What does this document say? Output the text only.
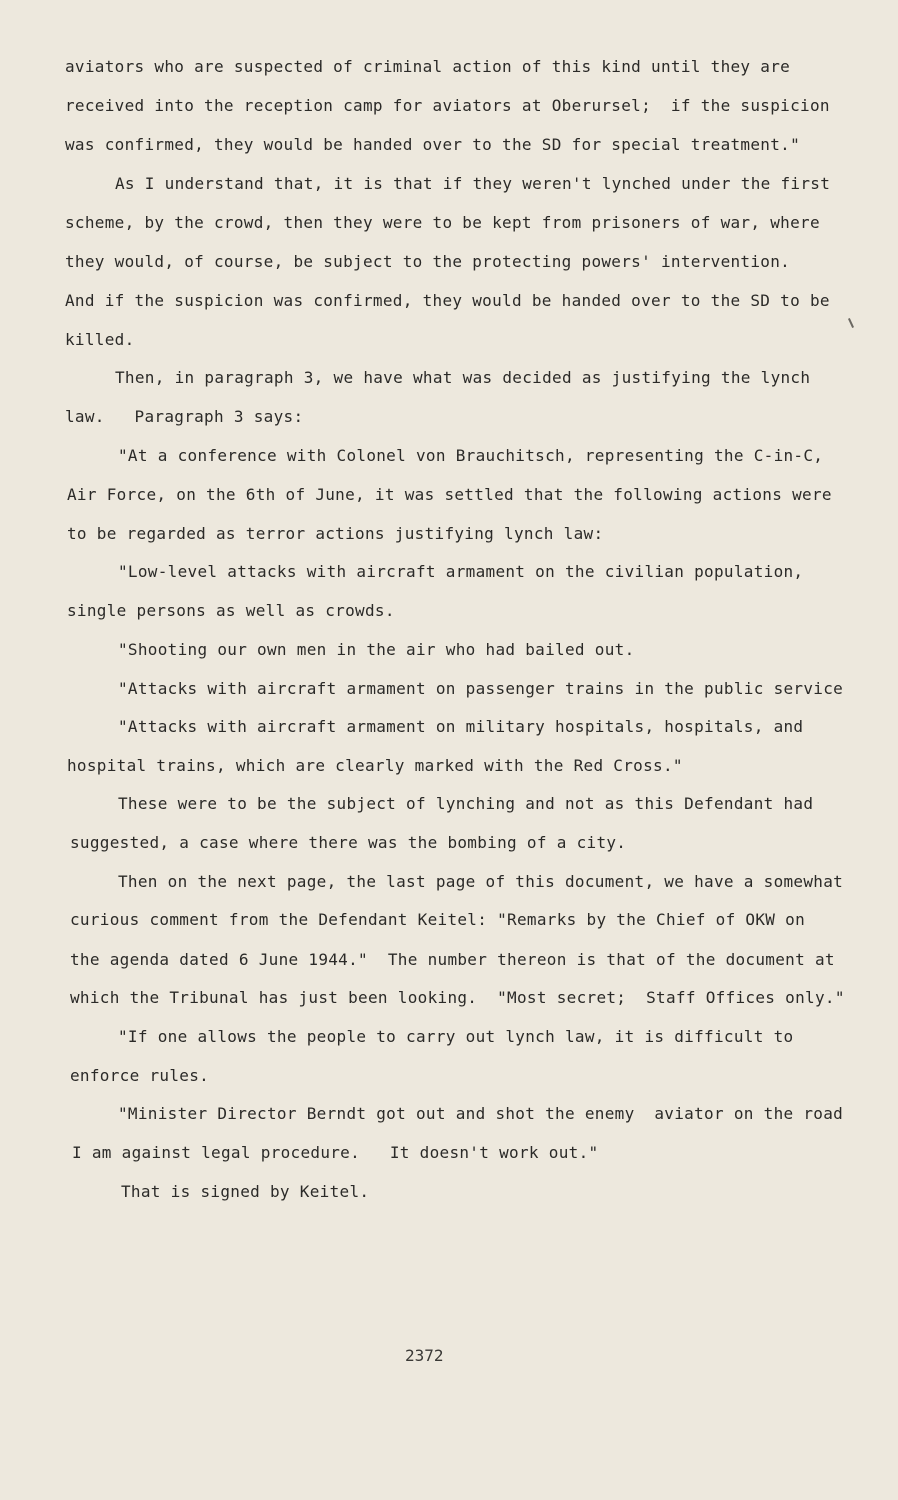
aviators who are suspected of criminal action of this kind until they are
received into the reception camp for aviators at Oberursel;  if the suspicion
was confirmed, they would be handed over to the SD for special treatment."
As I understand that, it is that if they weren't lynched under the first
scheme, by the crowd, then they were to be kept from prisoners of war, where
they would, of course, be subject to the protecting powers' intervention.
And if the suspicion was confirmed, they would be handed over to the SD to be
killed.
Then, in paragraph 3, we have what was decided as justifying the lynch
law.   Paragraph 3 says:
"At a conference with Colonel von Brauchitsch, representing the C-in-C,
Air Force, on the 6th of June, it was settled that the following actions were
to be regarded as terror actions justifying lynch law:
"Low-level attacks with aircraft armament on the civilian population,
single persons as well as crowds.
"Shooting our own men in the air who had bailed out.
"Attacks with aircraft armament on passenger trains in the public service
"Attacks with aircraft armament on military hospitals, hospitals, and
hospital trains, which are clearly marked with the Red Cross."
These were to be the subject of lynching and not as this Defendant had
suggested, a case where there was the bombing of a city.
Then on the next page, the last page of this document, we have a somewhat
curious comment from the Defendant Keitel: "Remarks by the Chief of OKW on
the agenda dated 6 June 1944."  The number thereon is that of the document at
which the Tribunal has just been looking.  "Most secret;  Staff Offices only."
"If one allows the people to carry out lynch law, it is difficult to
enforce rules.
"Minister Director Berndt got out and shot the enemy  aviator on the road
I am against legal procedure.   It doesn't work out."
That is signed by Keitel.
2372
